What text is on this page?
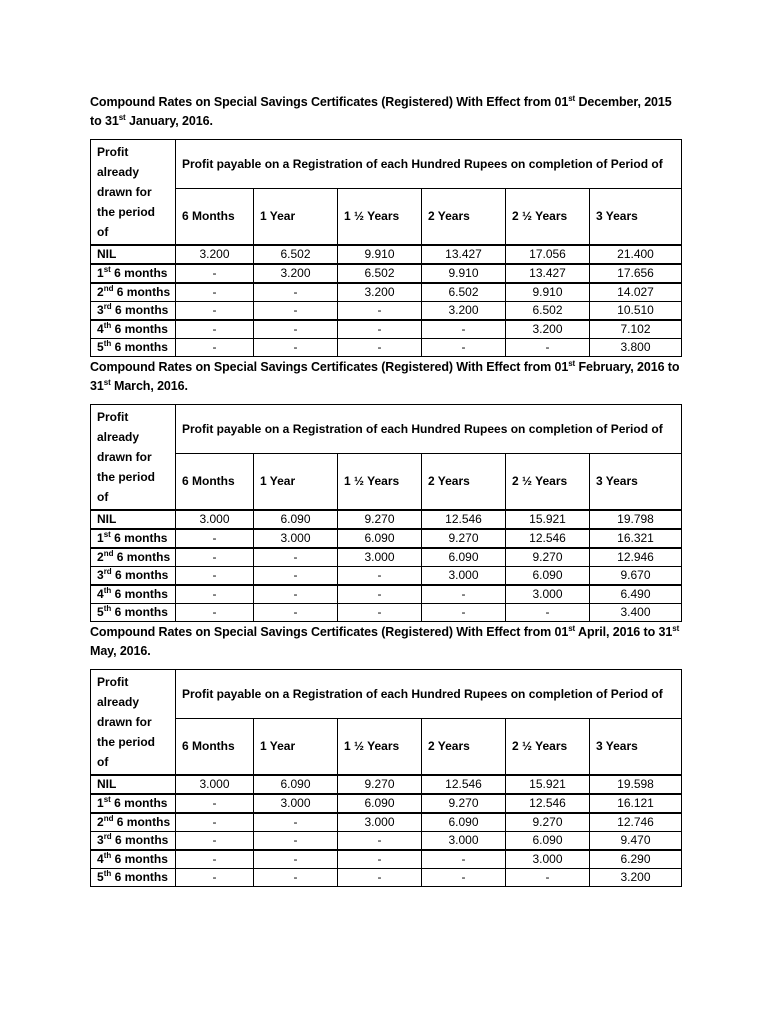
Compound Rates on Special Savings Certificates (Registered) With Effect from 01st December, 2015 to 31st January, 2016.

Profit already drawn for the period of	Profit payable on a Registration of each Hundred Rupees on completion of Period of					
	6 Months	1 Year	1 ½ Years	2 Years	2 ½ Years	3 Years
NIL	3.200	6.502	9.910	13.427	17.056	21.400
1st 6 months	-	3.200	6.502	9.910	13.427	17.656
2nd 6 months	-	-	3.200	6.502	9.910	14.027
3rd 6 months	-	-	-	3.200	6.502	10.510
4th 6 months	-	-	-	-	3.200	7.102
5th 6 months	-	-	-	-	-	3.800

Compound Rates on Special Savings Certificates (Registered) With Effect from 01st February, 2016 to 31st March, 2016.

Profit already drawn for the period of	Profit payable on a Registration of each Hundred Rupees on completion of Period of					
	6 Months	1 Year	1 ½ Years	2 Years	2 ½ Years	3 Years
NIL	3.000	6.090	9.270	12.546	15.921	19.798
1st 6 months	-	3.000	6.090	9.270	12.546	16.321
2nd 6 months	-	-	3.000	6.090	9.270	12.946
3rd 6 months	-	-	-	3.000	6.090	9.670
4th 6 months	-	-	-	-	3.000	6.490
5th 6 months	-	-	-	-	-	3.400

Compound Rates on Special Savings Certificates (Registered) With Effect from 01st April, 2016 to 31st May, 2016.

Profit already drawn for the period of	Profit payable on a Registration of each Hundred Rupees on completion of Period of					
	6 Months	1 Year	1 ½ Years	2 Years	2 ½ Years	3 Years
NIL	3.000	6.090	9.270	12.546	15.921	19.598
1st 6 months	-	3.000	6.090	9.270	12.546	16.121
2nd 6 months	-	-	3.000	6.090	9.270	12.746
3rd 6 months	-	-	-	3.000	6.090	9.470
4th 6 months	-	-	-	-	3.000	6.290
5th 6 months	-	-	-	-	-	3.200
